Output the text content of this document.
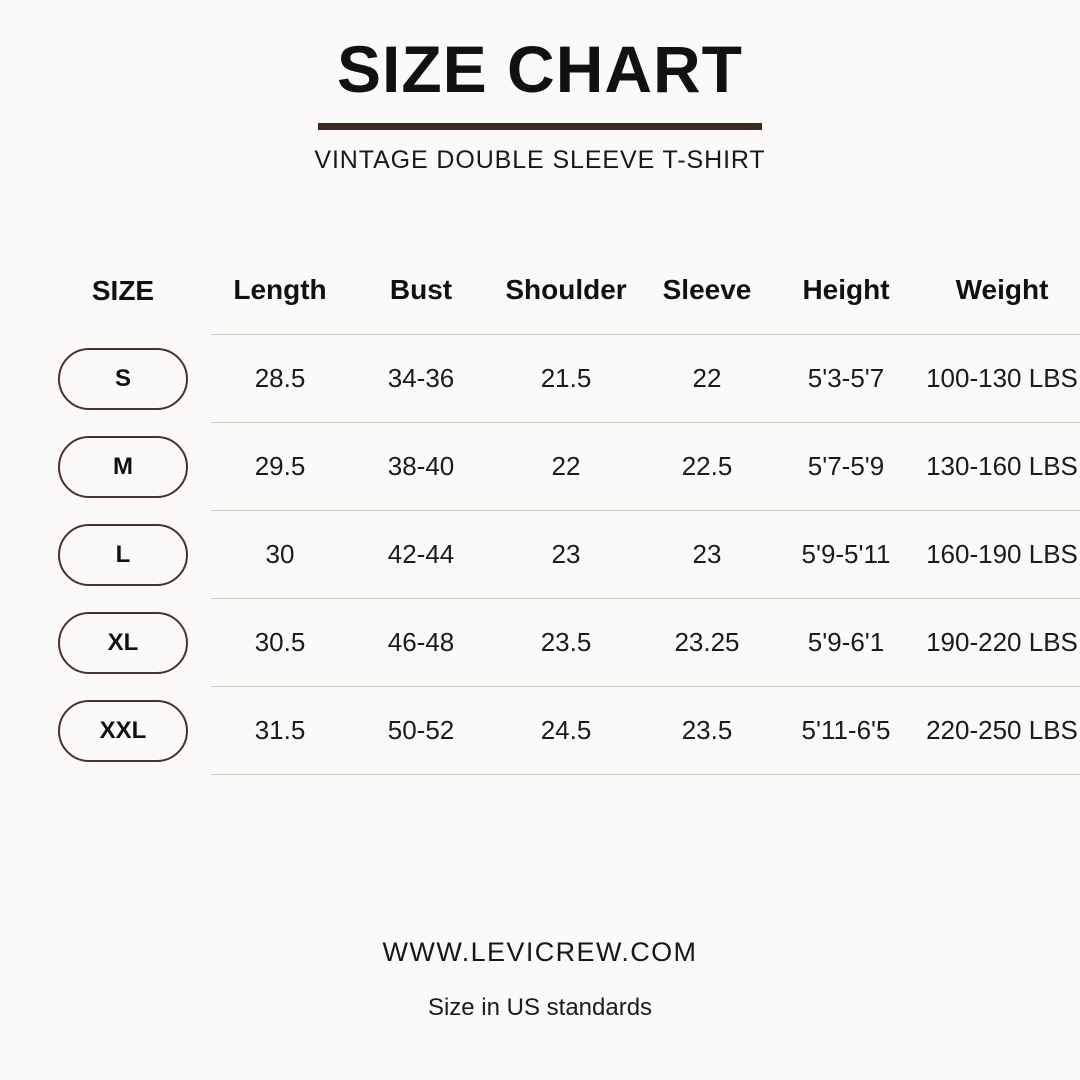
SIZE CHART
VINTAGE DOUBLE SLEEVE T-SHIRT
SIZE	Length	Bust	Shoulder	Sleeve	Height	Weight
S	28.5	34-36	21.5	22	5'3-5'7	100-130 LBS
M	29.5	38-40	22	22.5	5'7-5'9	130-160 LBS
L	30	42-44	23	23	5'9-5'11	160-190 LBS
XL	30.5	46-48	23.5	23.25	5'9-6'1	190-220 LBS
XXL	31.5	50-52	24.5	23.5	5'11-6'5	220-250 LBS
WWW.LEVICREW.COM
Size in US standards
